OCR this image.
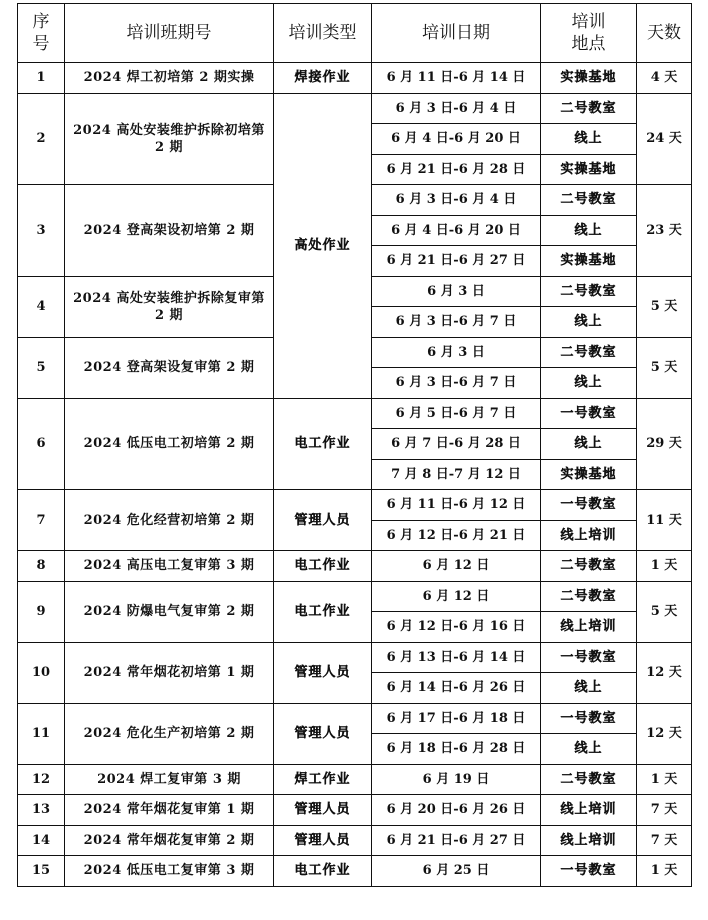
序号	培训班期号	培训类型	培训日期	培训地点	天数
1	2024 焊工初培第 2 期实操	焊接作业	6 月 11 日-6 月 14 日	实操基地	4 天
2	2024 高处安装维护拆除初培第 2 期	高处作业	6 月 3 日-6 月 4 日	二号教室	24 天
			6 月 4 日-6 月 20 日	线上	
			6 月 21 日-6 月 28 日	实操基地	
3	2024 登高架设初培第 2 期		6 月 3 日-6 月 4 日	二号教室	23 天
			6 月 4 日-6 月 20 日	线上	
			6 月 21 日-6 月 27 日	实操基地	
4	2024 高处安装维护拆除复审第 2 期		6 月 3 日	二号教室	5 天
			6 月 3 日-6 月 7 日	线上	
5	2024 登高架设复审第 2 期		6 月 3 日	二号教室	5 天
			6 月 3 日-6 月 7 日	线上	
6	2024 低压电工初培第 2 期	电工作业	6 月 5 日-6 月 7 日	一号教室	29 天
			6 月 7 日-6 月 28 日	线上	
			7 月 8 日-7 月 12 日	实操基地	
7	2024 危化经营初培第 2 期	管理人员	6 月 11 日-6 月 12 日	一号教室	11 天
			6 月 12 日-6 月 21 日	线上培训	
8	2024 高压电工复审第 3 期	电工作业	6 月 12 日	二号教室	1 天
9	2024 防爆电气复审第 2 期	电工作业	6 月 12 日	二号教室	5 天
			6 月 12 日-6 月 16 日	线上培训	
10	2024 常年烟花初培第 1 期	管理人员	6 月 13 日-6 月 14 日	一号教室	12 天
			6 月 14 日-6 月 26 日	线上	
11	2024 危化生产初培第 2 期	管理人员	6 月 17 日-6 月 18 日	一号教室	12 天
			6 月 18 日-6 月 28 日	线上	
12	2024 焊工复审第 3 期	焊工作业	6 月 19 日	二号教室	1 天
13	2024 常年烟花复审第 1 期	管理人员	6 月 20 日-6 月 26 日	线上培训	7 天
14	2024 常年烟花复审第 2 期	管理人员	6 月 21 日-6 月 27 日	线上培训	7 天
15	2024 低压电工复审第 3 期	电工作业	6 月 25 日	一号教室	1 天
